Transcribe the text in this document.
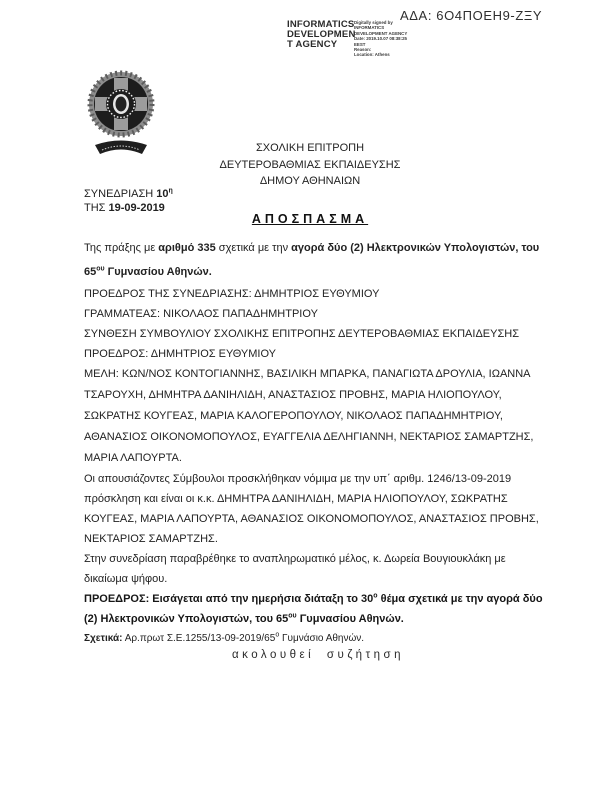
ΑΔΑ: 6Ο4ΠΟΕΗ9-ΖΞΥ
INFORMATICS
DEVELOPMEN
T AGENCY
Digitally signed by
INFORMATICS
DEVELOPMENT AGENCY
Date: 2019.10.07 08:38:25
EEST
Reason:
Location: Athens
ΣΧΟΛΙΚΗ ΕΠΙΤΡΟΠΗ
ΔΕΥΤΕΡΟΒΑΘΜΙΑΣ ΕΚΠΑΙΔΕΥΣΗΣ
ΔΗΜΟΥ ΑΘΗΝΑΙΩΝ
ΣΥΝΕΔΡΙΑΣΗ $10^\eta$
ΤΗΣ 19-09-2019
ΑΠΟΣΠΑΣΜΑ

Της πράξης με αριθμό 335 σχετικά με την αγορά δύο (2) Ηλεκτρονικών Υπολογιστών, του $65^{o\upsilon}$ Γυμνασίου Αθηνών.

ΠΡΟΕΔΡΟΣ ΤΗΣ ΣΥΝΕΔΡΙΑΣΗΣ: ΔΗΜΗΤΡΙΟΣ ΕΥΘΥΜΙΟΥ
ΓΡΑΜΜΑΤΕΑΣ: ΝΙΚΟΛΑΟΣ ΠΑΠΑΔΗΜΗΤΡΙΟΥ
ΣΥΝΘΕΣΗ ΣΥΜΒΟΥΛΙΟΥ ΣΧΟΛΙΚΗΣ ΕΠΙΤΡΟΠΗΣ ΔΕΥΤΕΡΟΒΑΘΜΙΑΣ ΕΚΠΑΙΔΕΥΣΗΣ
ΠΡΟΕΔΡΟΣ: ΔΗΜΗΤΡΙΟΣ ΕΥΘΥΜΙΟΥ

ΜΕΛΗ: ΚΩΝ/ΝΟΣ ΚΟΝΤΟΓΙΑΝΝΗΣ, ΒΑΣΙΛΙΚΗ ΜΠΑΡΚΑ, ΠΑΝΑΓΙΩΤΑ ΔΡΟΥΛΙΑ, ΙΩΑΝΝΑ ΤΣΑΡΟΥΧΗ, ΔΗΜΗΤΡΑ ΔΑΝΙΗΛΙΔΗ, ΑΝΑΣΤΑΣΙΟΣ ΠΡΟΒΗΣ, ΜΑΡΙΑ ΗΛΙΟΠΟΥΛΟΥ, ΣΩΚΡΑΤΗΣ ΚΟΥΓΕΑΣ, ΜΑΡΙΑ ΚΑΛΟΓΕΡΟΠΟΥΛΟΥ, ΝΙΚΟΛΑΟΣ ΠΑΠΑΔΗΜΗΤΡΙΟΥ, ΑΘΑΝΑΣΙΟΣ ΟΙΚΟΝΟΜΟΠΟΥΛΟΣ, ΕΥΑΓΓΕΛΙΑ ΔΕΛΗΓΙΑΝΝΗ, ΝΕΚΤΑΡΙΟΣ ΣΑΜΑΡΤΖΗΣ, ΜΑΡΙΑ ΛΑΠΟΥΡΤΑ.

Οι απουσιάζοντες Σύμβουλοι προσκλήθηκαν νόμιμα με την υπ΄ αριθμ. 1246/13-09-2019 πρόσκληση και είναι οι κ.κ. ΔΗΜΗΤΡΑ ΔΑΝΙΗΛΙΔΗ, ΜΑΡΙΑ ΗΛΙΟΠΟΥΛΟΥ, ΣΩΚΡΑΤΗΣ ΚΟΥΓΕΑΣ, ΜΑΡΙΑ ΛΑΠΟΥΡΤΑ, ΑΘΑΝΑΣΙΟΣ ΟΙΚΟΝΟΜΟΠΟΥΛΟΣ, ΑΝΑΣΤΑΣΙΟΣ ΠΡΟΒΗΣ, ΝΕΚΤΑΡΙΟΣ ΣΑΜΑΡΤΖΗΣ.

Στην συνεδρίαση παραβρέθηκε το αναπληρωματικό μέλος, κ. Δωρεία Βουγιουκλάκη με δικαίωμα ψήφου.

ΠΡΟΕΔΡΟΣ: Εισάγεται από την ημερήσια διάταξη το $30^o$ θέμα σχετικά με την αγορά δύο (2) Ηλεκτρονικών Υπολογιστών, του $65^{o\upsilon}$ Γυμνασίου Αθηνών.

Σχετικά: Αρ.πρωτ $\Sigma.E.1255/13-09-2019/65^o$ Γυμνάσιο Αθηνών.

ακολουθεί συζήτηση
